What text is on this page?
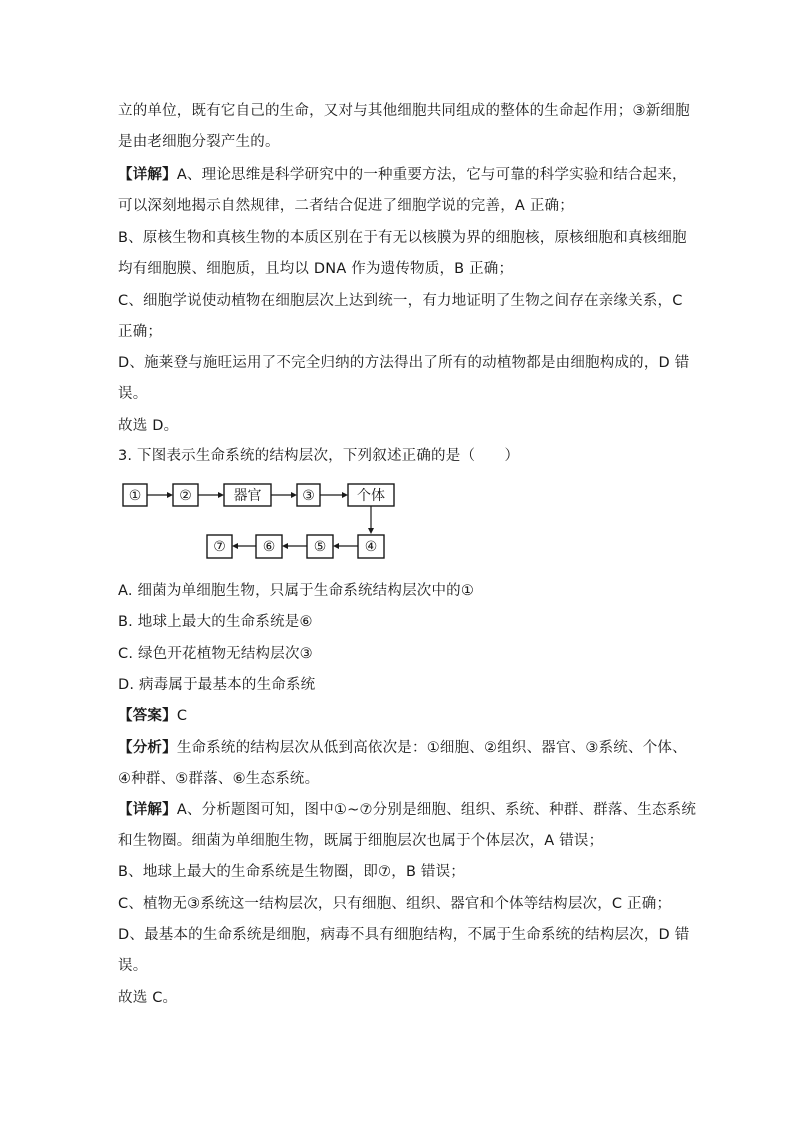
立的单位，既有它自己的生命，又对与其他细胞共同组成的整体的生命起作用；③新细胞
是由老细胞分裂产生的。
【详解】A、理论思维是科学研究中的一种重要方法，它与可靠的科学实验和结合起来，
可以深刻地揭示自然规律，二者结合促进了细胞学说的完善，A 正确；
B、原核生物和真核生物的本质区别在于有无以核膜为界的细胞核，原核细胞和真核细胞
均有细胞膜、细胞质，且均以 DNA 作为遗传物质，B 正确；
C、细胞学说使动植物在细胞层次上达到统一，有力地证明了生物之间存在亲缘关系，C
正确；
D、施莱登与施旺运用了不完全归纳的方法得出了所有的动植物都是由细胞构成的，D 错
误。
故选 D。
3. 下图表示生命系统的结构层次，下列叙述正确的是（　　）
①	②	器官	③	个体
⑦	⑥	⑤	④
A. 细菌为单细胞生物，只属于生命系统结构层次中的①
B. 地球上最大的生命系统是⑥
C. 绿色开花植物无结构层次③
D. 病毒属于最基本的生命系统
【答案】C
【分析】生命系统的结构层次从低到高依次是：①细胞、②组织、器官、③系统、个体、
④种群、⑤群落、⑥生态系统。
【详解】A、分析题图可知，图中①~⑦分别是细胞、组织、系统、种群、群落、生态系统
和生物圈。细菌为单细胞生物，既属于细胞层次也属于个体层次，A 错误；
B、地球上最大的生命系统是生物圈，即⑦，B 错误；
C、植物无③系统这一结构层次，只有细胞、组织、器官和个体等结构层次，C 正确；
D、最基本的生命系统是细胞，病毒不具有细胞结构，不属于生命系统的结构层次，D 错
误。
故选 C。
